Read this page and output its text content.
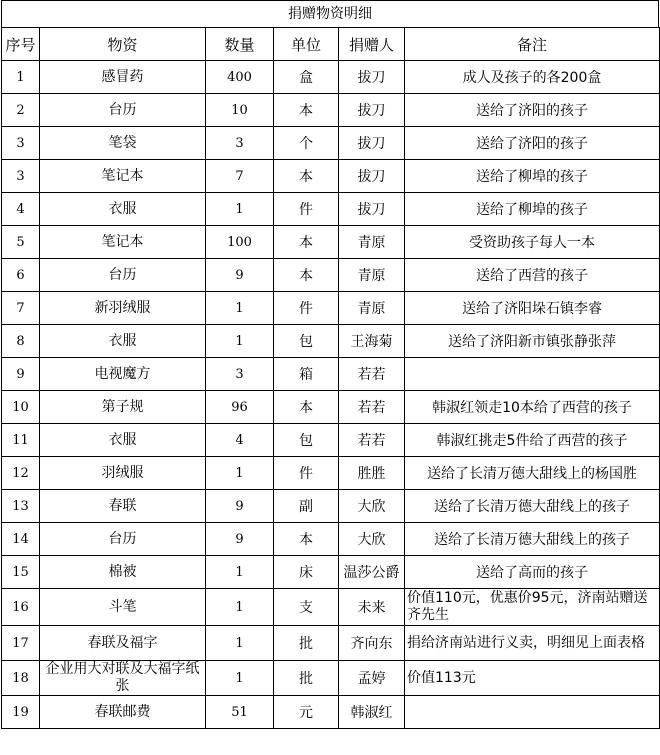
捐赠物资明细
序号	物资	数量	单位	捐赠人	备注
1	感冒药	400	盒	拔刀	成人及孩子的各200盒
2	台历	10	本	拔刀	送给了济阳的孩子
3	笔袋	3	个	拔刀	送给了济阳的孩子
3	笔记本	7	本	拔刀	送给了柳埠的孩子
4	衣服	1	件	拔刀	送给了柳埠的孩子
5	笔记本	100	本	青原	受资助孩子每人一本
6	台历	9	本	青原	送给了西营的孩子
7	新羽绒服	1	件	青原	送给了济阳垛石镇李睿
8	衣服	1	包	王海菊	送给了济阳新市镇张静张萍
9	电视魔方	3	箱	若若	
10	第子规	96	本	若若	韩淑红领走10本给了西营的孩子
11	衣服	4	包	若若	韩淑红挑走5件给了西营的孩子
12	羽绒服	1	件	胜胜	送给了长清万德大甜线上的杨国胜
13	春联	9	副	大欣	送给了长清万德大甜线上的孩子
14	台历	9	本	大欣	送给了长清万德大甜线上的孩子
15	棉被	1	床	温莎公爵	送给了高而的孩子
16	斗笔	1	支	未来	价值110元，优惠价95元，济南站赠送齐先生
17	春联及福字	1	批	齐向东	捐给济南站进行义卖，明细见上面表格
18	企业用大对联及大福字纸张	1	批	孟婷	价值113元
19	春联邮费	51	元	韩淑红	
